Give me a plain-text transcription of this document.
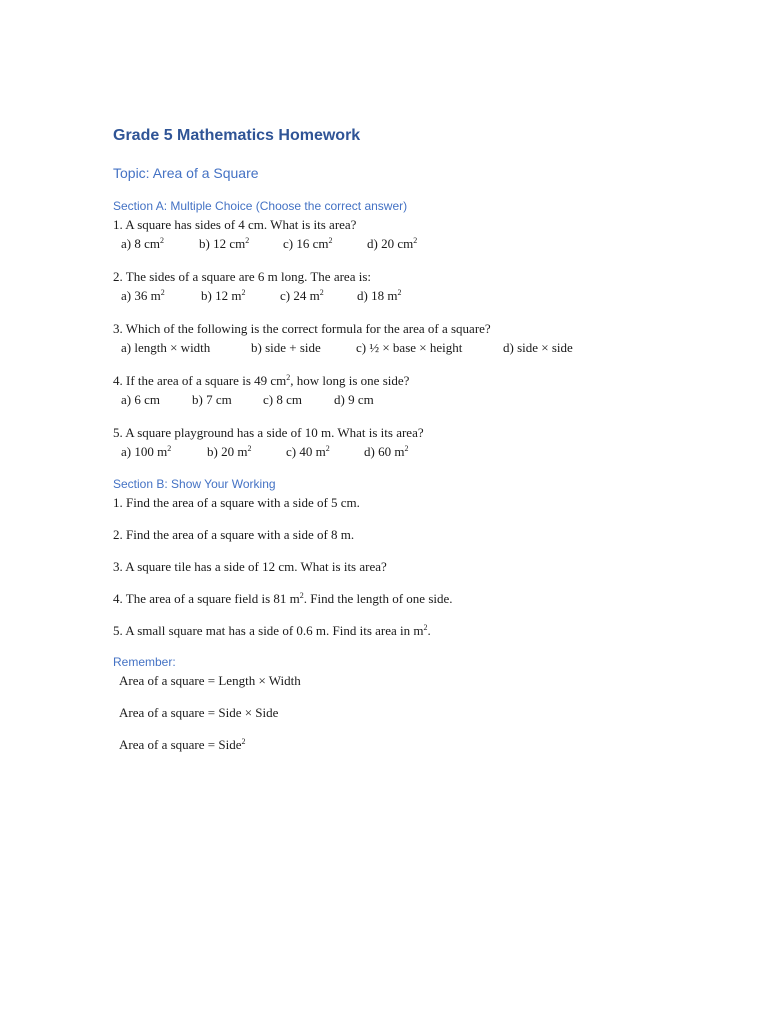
Grade 5 Mathematics Homework
Topic: Area of a Square
Section A: Multiple Choice (Choose the correct answer)
1. A square has sides of 4 cm. What is its area?
a) 8 $cm^2$	b) 12 $cm^2$	c) 16 $cm^2$	d) 20 $cm^2$
2. The sides of a square are 6 m long. The area is:
a) 36 $m^2$	b) 12 $m^2$	c) 24 $m^2$	d) 18 $m^2$
3. Which of the following is the correct formula for the area of a square?
a) length × width	b) side + side	c) ½ × base × height	d) side × side
4. If the area of a square is 49 $cm^2$, how long is one side?
a) 6 cm b) 7 cm c) 8 cm d) 9 cm
5. A square playground has a side of 10 m. What is its area?
a) 100 $m^2$	b) 20 $m^2$	c) 40 $m^2$	d) 60 $m^2$
Section B: Show Your Working
1. Find the area of a square with a side of 5 cm.
2. Find the area of a square with a side of 8 m.
3. A square tile has a side of 12 cm. What is its area?
4. The area of a square field is 81 $m^2$. Find the length of one side.
5. A small square mat has a side of 0.6 m. Find its area in $m^2$.
Remember:
Area of a square = Length × Width
Area of a square = Side × Side
Area of a square = Side$^2$
